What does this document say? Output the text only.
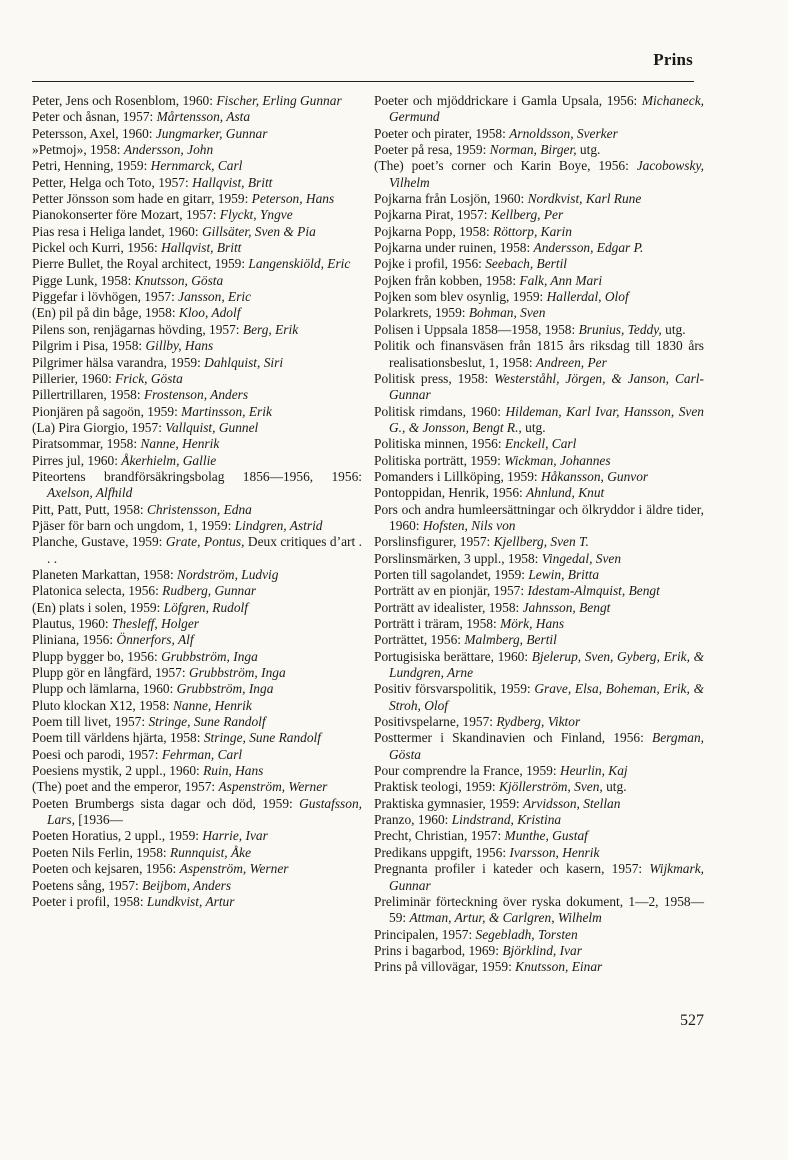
Prins
Peter, Jens och Rosenblom, 1960: Fischer, Erling Gunnar
Peter och åsnan, 1957: Mårtensson, Asta
Petersson, Axel, 1960: Jungmarker, Gunnar
»Petmoj», 1958: Andersson, John
Petri, Henning, 1959: Hernmarck, Carl
Petter, Helga och Toto, 1957: Hallqvist, Britt
Petter Jönsson som hade en gitarr, 1959: Peterson, Hans
Pianokonserter före Mozart, 1957: Flyckt, Yngve
Pias resa i Heliga landet, 1960: Gillsäter, Sven & Pia
Pickel och Kurri, 1956: Hallqvist, Britt
Pierre Bullet, the Royal architect, 1959: Langenskiöld, Eric
Pigge Lunk, 1958: Knutsson, Gösta
Piggefar i lövhögen, 1957: Jansson, Eric
(En) pil på din båge, 1958: Kloo, Adolf
Pilens son, renjägarnas hövding, 1957: Berg, Erik
Pilgrim i Pisa, 1958: Gillby, Hans
Pilgrimer hälsa varandra, 1959: Dahlquist, Siri
Pillerier, 1960: Frick, Gösta
Pillertrillaren, 1958: Frostenson, Anders
Pionjären på sagoön, 1959: Martinsson, Erik
(La) Pira Giorgio, 1957: Vallquist, Gunnel
Piratsommar, 1958: Nanne, Henrik
Pirres jul, 1960: Åkerhielm, Gallie
Piteortens brandförsäkringsbolag 1856—1956, 1956: Axelson, Alfhild
Pitt, Patt, Putt, 1958: Christensson, Edna
Pjäser för barn och ungdom, 1, 1959: Lindgren, Astrid
Planche, Gustave, 1959: Grate, Pontus, Deux critiques d’art . . .
Planeten Markattan, 1958: Nordström, Ludvig
Platonica selecta, 1956: Rudberg, Gunnar
(En) plats i solen, 1959: Löfgren, Rudolf
Plautus, 1960: Thesleff, Holger
Pliniana, 1956: Önnerfors, Alf
Plupp bygger bo, 1956: Grubbström, Inga
Plupp gör en långfärd, 1957: Grubbström, Inga
Plupp och lämlarna, 1960: Grubbström, Inga
Pluto klockan X12, 1958: Nanne, Henrik
Poem till livet, 1957: Stringe, Sune Randolf
Poem till världens hjärta, 1958: Stringe, Sune Randolf
Poesi och parodi, 1957: Fehrman, Carl
Poesiens mystik, 2 uppl., 1960: Ruin, Hans
(The) poet and the emperor, 1957: Aspenström, Werner
Poeten Brumbergs sista dagar och död, 1959: Gustafsson, Lars, [1936—
Poeten Horatius, 2 uppl., 1959: Harrie, Ivar
Poeten Nils Ferlin, 1958: Runnquist, Åke
Poeten och kejsaren, 1956: Aspenström, Werner
Poetens sång, 1957: Beijbom, Anders
Poeter i profil, 1958: Lundkvist, Artur
Poeter och mjöddrickare i Gamla Upsala, 1956: Michaneck, Germund
Poeter och pirater, 1958: Arnoldsson, Sverker
Poeter på resa, 1959: Norman, Birger, utg.
(The) poet’s corner och Karin Boye, 1956: Jacobowsky, Vilhelm
Pojkarna från Losjön, 1960: Nordkvist, Karl Rune
Pojkarna Pirat, 1957: Kellberg, Per
Pojkarna Popp, 1958: Röttorp, Karin
Pojkarna under ruinen, 1958: Andersson, Edgar P.
Pojke i profil, 1956: Seebach, Bertil
Pojken från kobben, 1958: Falk, Ann Mari
Pojken som blev osynlig, 1959: Hallerdal, Olof
Polarkrets, 1959: Bohman, Sven
Polisen i Uppsala 1858—1958, 1958: Brunius, Teddy, utg.
Politik och finansväsen från 1815 års riksdag till 1830 års realisationsbeslut, 1, 1958: Andreen, Per
Politisk press, 1958: Westerståhl, Jörgen, & Janson, Carl-Gunnar
Politisk rimdans, 1960: Hildeman, Karl Ivar, Hansson, Sven G., & Jonsson, Bengt R., utg.
Politiska minnen, 1956: Enckell, Carl
Politiska porträtt, 1959: Wickman, Johannes
Pomanders i Lillköping, 1959: Håkansson, Gunvor
Pontoppidan, Henrik, 1956: Ahnlund, Knut
Pors och andra humleersättningar och ölkryddor i äldre tider, 1960: Hofsten, Nils von
Porslinsfigurer, 1957: Kjellberg, Sven T.
Porslinsmärken, 3 uppl., 1958: Vingedal, Sven
Porten till sagolandet, 1959: Lewin, Britta
Porträtt av en pionjär, 1957: Idestam-Almquist, Bengt
Porträtt av idealister, 1958: Jahnsson, Bengt
Porträtt i träram, 1958: Mörk, Hans
Porträttet, 1956: Malmberg, Bertil
Portugisiska berättare, 1960: Bjelerup, Sven, Gyberg, Erik, & Lundgren, Arne
Positiv försvarspolitik, 1959: Grave, Elsa, Boheman, Erik, & Stroh, Olof
Positivspelarne, 1957: Rydberg, Viktor
Posttermer i Skandinavien och Finland, 1956: Bergman, Gösta
Pour comprendre la France, 1959: Heurlin, Kaj
Praktisk teologi, 1959: Kjöllerström, Sven, utg.
Praktiska gymnasier, 1959: Arvidsson, Stellan
Pranzo, 1960: Lindstrand, Kristina
Precht, Christian, 1957: Munthe, Gustaf
Predikans uppgift, 1956: Ivarsson, Henrik
Pregnanta profiler i kateder och kasern, 1957: Wijkmark, Gunnar
Preliminär förteckning över ryska dokument, 1—2, 1958—59: Attman, Artur, & Carlgren, Wilhelm
Principalen, 1957: Segebladh, Torsten
Prins i bagarbod, 1969: Björklind, Ivar
Prins på villovägar, 1959: Knutsson, Einar
527
